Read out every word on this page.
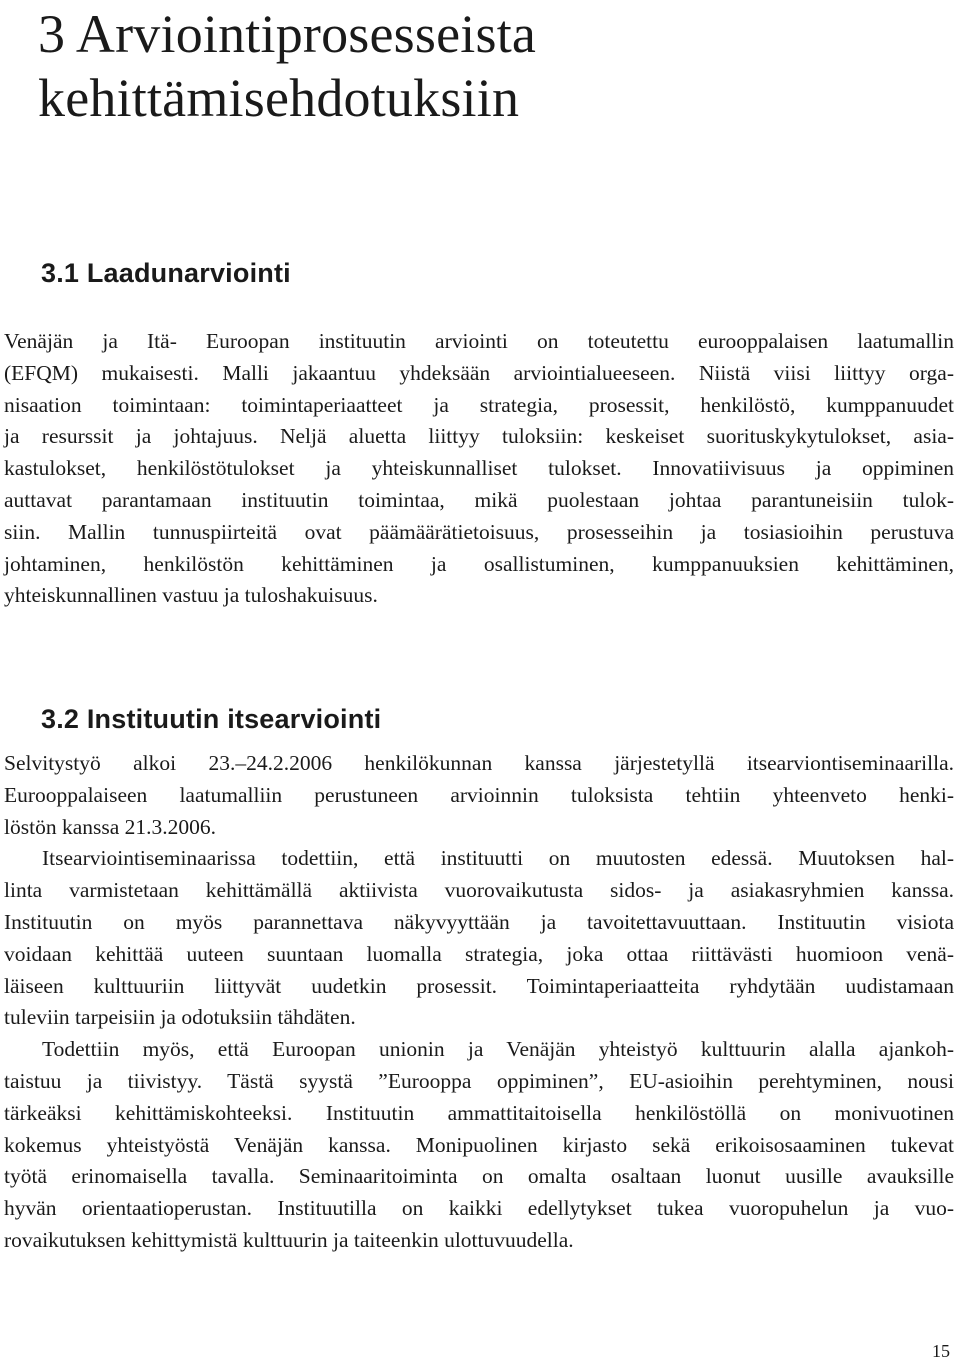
3 Arviointiprosesseista
kehittämisehdotuksiin
3.1 Laadunarviointi
Venäjän ja Itä- Euroopan instituutin arviointi on toteutettu eurooppalaisen laatumallin
(EFQM) mukaisesti. Malli jakaantuu yhdeksään arviointialueeseen. Niistä viisi liittyy orga-
nisaation toimintaan: toimintaperiaatteet ja strategia, prosessit, henkilöstö, kumppanuudet
ja resurssit ja johtajuus. Neljä aluetta liittyy tuloksiin: keskeiset suorituskykytulokset, asia-
kastulokset, henkilöstötulokset ja yhteiskunnalliset tulokset. Innovatiivisuus ja oppiminen
auttavat parantamaan instituutin toimintaa, mikä puolestaan johtaa parantuneisiin tulok-
siin. Mallin tunnuspiirteitä ovat päämäärätietoisuus, prosesseihin ja tosiasioihin perustuva
johtaminen, henkilöstön kehittäminen ja osallistuminen, kumppanuuksien kehittäminen,
yhteiskunnallinen vastuu ja tuloshakuisuus.
3.2 Instituutin itsearviointi
Selvitystyö alkoi 23.–24.2.2006 henkilökunnan kanssa järjestetyllä itsearviontiseminaarilla.
Eurooppalaiseen laatumalliin perustuneen arvioinnin tuloksista tehtiin yhteenveto henki-
löstön kanssa 21.3.2006.
Itsearviointiseminaarissa todettiin, että instituutti on muutosten edessä. Muutoksen hal-
linta varmistetaan kehittämällä aktiivista vuorovaikutusta sidos- ja asiakasryhmien kanssa.
Instituutin on myös parannettava näkyvyyttään ja tavoitettavuuttaan. Instituutin visiota
voidaan kehittää uuteen suuntaan luomalla strategia, joka ottaa riittävästi huomioon venä-
läiseen kulttuuriin liittyvät uudetkin prosessit. Toimintaperiaatteita ryhdytään uudistamaan
tuleviin tarpeisiin ja odotuksiin tähdäten.
Todettiin myös, että Euroopan unionin ja Venäjän yhteistyö kulttuurin alalla ajankoh-
taistuu ja tiivistyy. Tästä syystä ”Eurooppa oppiminen”, EU-asioihin perehtyminen, nousi
tärkeäksi kehittämiskohteeksi. Instituutin ammattitaitoisella henkilöstöllä on monivuotinen
kokemus yhteistyöstä Venäjän kanssa. Monipuolinen kirjasto sekä erikoisosaaminen tukevat
työtä erinomaisella tavalla. Seminaaritoiminta on omalta osaltaan luonut uusille avauksille
hyvän orientaatioperustan. Instituutilla on kaikki edellytykset tukea vuoropuhelun ja vuo-
rovaikutuksen kehittymistä kulttuurin ja taiteenkin ulottuvuudella.
15
